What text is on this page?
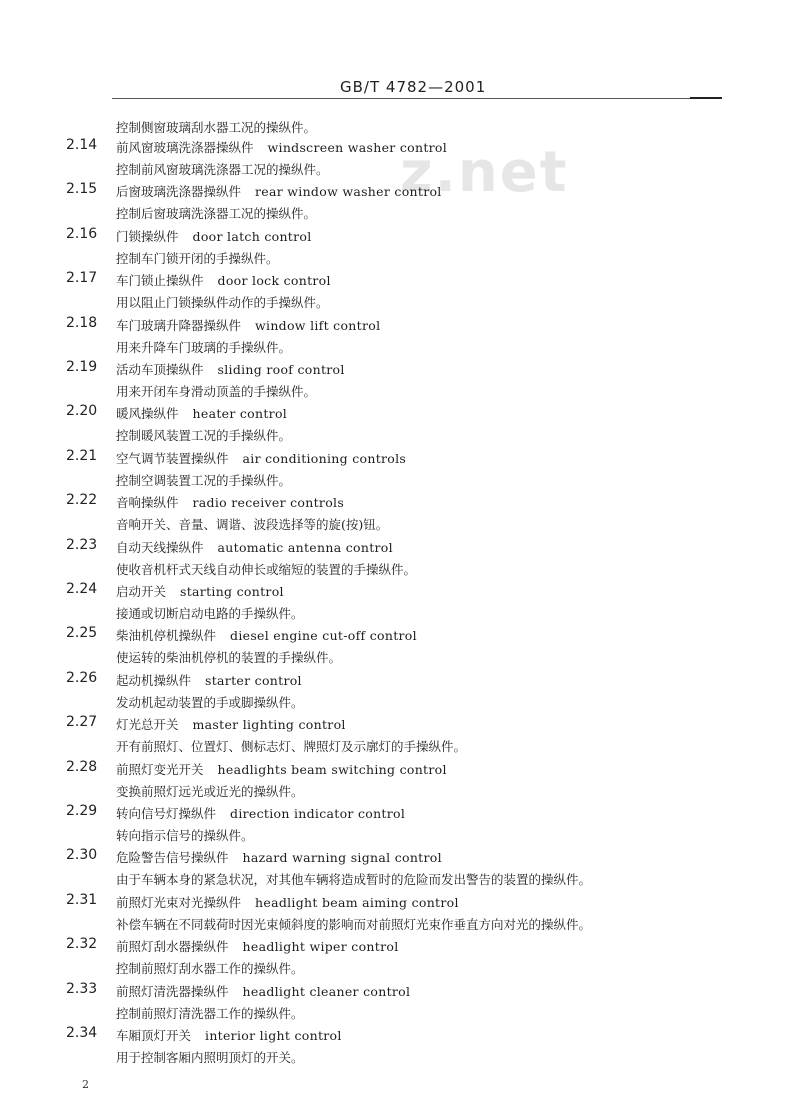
GB/T 4782—2001
z.net
控制侧窗玻璃刮水器工况的操纵件。
2.14 前风窗玻璃洗涤器操纵件 windscreen washer control
控制前风窗玻璃洗涤器工况的操纵件。
2.15 后窗玻璃洗涤器操纵件 rear window washer control
控制后窗玻璃洗涤器工况的操纵件。
2.16 门锁操纵件 door latch control
控制车门锁开闭的手操纵件。
2.17 车门锁止操纵件 door lock control
用以阻止门锁操纵件动作的手操纵件。
2.18 车门玻璃升降器操纵件 window lift control
用来升降车门玻璃的手操纵件。
2.19 活动车顶操纵件 sliding roof control
用来开闭车身滑动顶盖的手操纵件。
2.20 暖风操纵件 heater control
控制暖风装置工况的手操纵件。
2.21 空气调节装置操纵件 air conditioning controls
控制空调装置工况的手操纵件。
2.22 音响操纵件 radio receiver controls
音响开关、音量、调谐、波段选择等的旋(按)钮。
2.23 自动天线操纵件 automatic antenna control
使收音机杆式天线自动伸长或缩短的装置的手操纵件。
2.24 启动开关 starting control
接通或切断启动电路的手操纵件。
2.25 柴油机停机操纵件 diesel engine cut-off control
使运转的柴油机停机的装置的手操纵件。
2.26 起动机操纵件 starter control
发动机起动装置的手或脚操纵件。
2.27 灯光总开关 master lighting control
开有前照灯、位置灯、侧标志灯、牌照灯及示廓灯的手操纵件。
2.28 前照灯变光开关 headlights beam switching control
变换前照灯远光或近光的操纵件。
2.29 转向信号灯操纵件 direction indicator control
转向指示信号的操纵件。
2.30 危险警告信号操纵件 hazard warning signal control
由于车辆本身的紧急状况，对其他车辆将造成暂时的危险而发出警告的装置的操纵件。
2.31 前照灯光束对光操纵件 headlight beam aiming control
补偿车辆在不同载荷时因光束倾斜度的影响而对前照灯光束作垂直方向对光的操纵件。
2.32 前照灯刮水器操纵件 headlight wiper control
控制前照灯刮水器工作的操纵件。
2.33 前照灯清洗器操纵件 headlight cleaner control
控制前照灯清洗器工作的操纵件。
2.34 车厢顶灯开关 interior light control
用于控制客厢内照明顶灯的开关。
2
